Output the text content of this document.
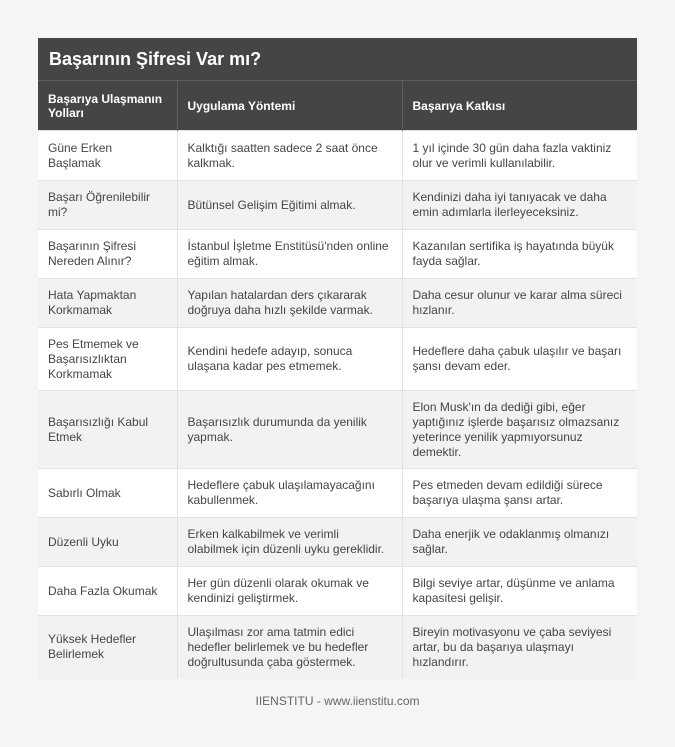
Başarının Şifresi Var mı?
Başarıya Ulaşmanın Yolları	Uygulama Yöntemi	Başarıya Katkısı
Güne Erken Başlamak	Kalktığı saatten sadece 2 saat önce kalkmak.	1 yıl içinde 30 gün daha fazla vaktiniz olur ve verimli kullanılabilir.
Başarı Öğrenilebilir mi?	Bütünsel Gelişim Eğitimi almak.	Kendinizi daha iyi tanıyacak ve daha emin adımlarla ilerleyeceksiniz.
Başarının Şifresi Nereden Alınır?	İstanbul İşletme Enstitüsü'nden online eğitim almak.	Kazanılan sertifika iş hayatında büyük fayda sağlar.
Hata Yapmaktan Korkmamak	Yapılan hatalardan ders çıkararak doğruya daha hızlı şekilde varmak.	Daha cesur olunur ve karar alma süreci hızlanır.
Pes Etmemek ve Başarısızlıktan Korkmamak	Kendini hedefe adayıp, sonuca ulaşana kadar pes etmemek.	Hedeflere daha çabuk ulaşılır ve başarı şansı devam eder.
Başarısızlığı Kabul Etmek	Başarısızlık durumunda da yenilik yapmak.	Elon Musk'ın da dediği gibi, eğer yaptığınız işlerde başarısız olmazsanız yeterince yenilik yapmıyorsunuz demektir.
Sabırlı Olmak	Hedeflere çabuk ulaşılamayacağını kabullenmek.	Pes etmeden devam edildiği sürece başarıya ulaşma şansı artar.
Düzenli Uyku	Erken kalkabilmek ve verimli olabilmek için düzenli uyku gereklidir.	Daha enerjik ve odaklanmış olmanızı sağlar.
Daha Fazla Okumak	Her gün düzenli olarak okumak ve kendinizi geliştirmek.	Bilgi seviye artar, düşünme ve anlama kapasitesi gelişir.
Yüksek Hedefler Belirlemek	Ulaşılması zor ama tatmin edici hedefler belirlemek ve bu hedefler doğrultusunda çaba göstermek.	Bireyin motivasyonu ve çaba seviyesi artar, bu da başarıya ulaşmayı hızlandırır.
IIENSTITU - www.iienstitu.com
